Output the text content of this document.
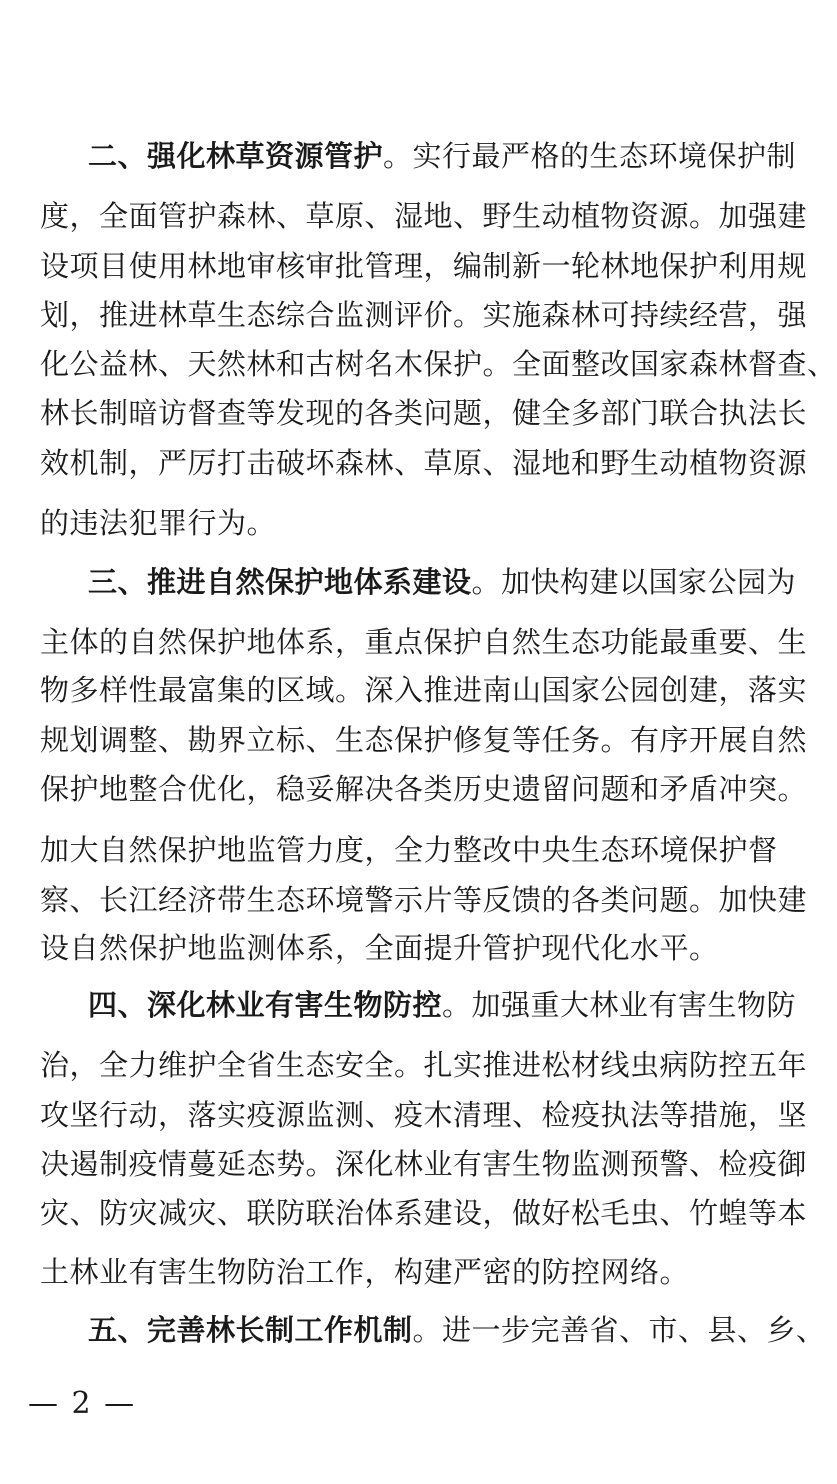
二、强化林草资源管护。实行最严格的生态环境保护制
度，全面管护森林、草原、湿地、野生动植物资源。加强建
设项目使用林地审核审批管理，编制新一轮林地保护利用规
划，推进林草生态综合监测评价。实施森林可持续经营，强
化公益林、天然林和古树名木保护。全面整改国家森林督查、
林长制暗访督查等发现的各类问题，健全多部门联合执法长
效机制，严厉打击破坏森林、草原、湿地和野生动植物资源
的违法犯罪行为。
三、推进自然保护地体系建设。加快构建以国家公园为
主体的自然保护地体系，重点保护自然生态功能最重要、生
物多样性最富集的区域。深入推进南山国家公园创建，落实
规划调整、勘界立标、生态保护修复等任务。有序开展自然
保护地整合优化，稳妥解决各类历史遗留问题和矛盾冲突。
加大自然保护地监管力度，全力整改中央生态环境保护督
察、长江经济带生态环境警示片等反馈的各类问题。加快建
设自然保护地监测体系，全面提升管护现代化水平。
四、深化林业有害生物防控。加强重大林业有害生物防
治，全力维护全省生态安全。扎实推进松材线虫病防控五年
攻坚行动，落实疫源监测、疫木清理、检疫执法等措施，坚
决遏制疫情蔓延态势。深化林业有害生物监测预警、检疫御
灾、防灾减灾、联防联治体系建设，做好松毛虫、竹蝗等本
土林业有害生物防治工作，构建严密的防控网络。
五、完善林长制工作机制。进一步完善省、市、县、乡、
— 2 —
